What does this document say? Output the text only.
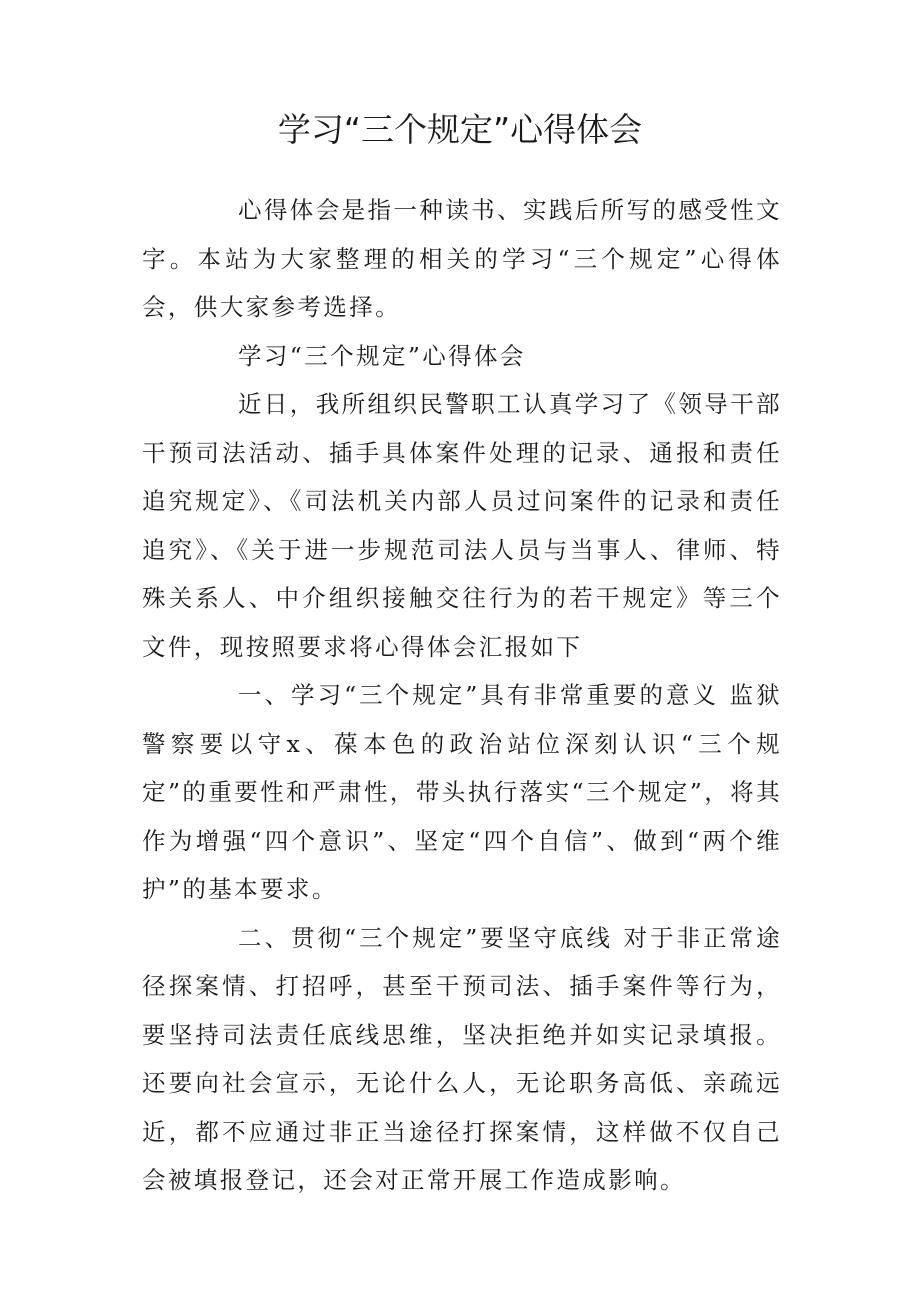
学习“三个规定”心得体会

心得体会是指一种读书、实践后所写的感受性文字。本站为大家整理的相关的学习“三个规定”心得体会，供大家参考选择。

学习“三个规定”心得体会

近日，我所组织民警职工认真学习了《领导干部干预司法活动、插手具体案件处理的记录、通报和责任追究规定》、《司法机关内部人员过问案件的记录和责任追究》、《关于进一步规范司法人员与当事人、律师、特殊关系人、中介组织接触交往行为的若干规定》等三个文件，现按照要求将心得体会汇报如下

一、学习“三个规定”具有非常重要的意义 监狱警察要以守x、葆本色的政治站位深刻认识“三个规定”的重要性和严肃性，带头执行落实“三个规定”，将其作为增强“四个意识”、坚定“四个自信”、做到“两个维护”的基本要求。

二、贯彻“三个规定”要坚守底线 对于非正常途径探案情、打招呼，甚至干预司法、插手案件等行为，要坚持司法责任底线思维，坚决拒绝并如实记录填报。还要向社会宣示，无论什么人，无论职务高低、亲疏远近，都不应通过非正当途径打探案情，这样做不仅自己会被填报登记，还会对正常开展工作造成影响。
